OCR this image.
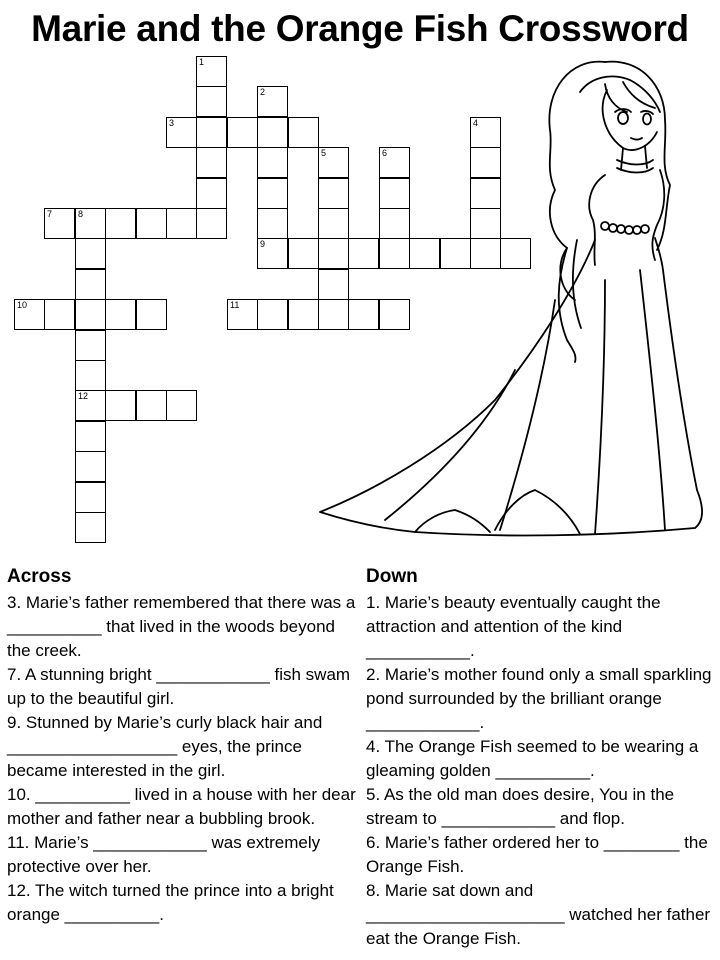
Marie and the Orange Fish Crossword
1
2
3	4
5	6
7	8
12
9
10	11
Across

3. Marie’s father remembered that there was a __________ that lived in the woods beyond the creek.

7. A stunning bright ____________ fish swam up to the beautiful girl.

9. Stunned by Marie’s curly black hair and __________________ eyes, the prince became interested in the girl.

10. __________ lived in a house with her dear mother and father near a bubbling brook.

11. Marie’s ____________ was extremely protective over her.

12. The witch turned the prince into a bright orange __________.

Down

1. Marie’s beauty eventually caught the attraction and attention of the kind ___________.

2. Marie’s mother found only a small sparkling pond surrounded by the brilliant orange ____________.

4. The Orange Fish seemed to be wearing a gleaming golden __________.

5. As the old man does desire, You in the stream to ____________ and flop.

6. Marie’s father ordered her to ________ the Orange Fish.

8. Marie sat down and _____________________ watched her father eat the Orange Fish.
